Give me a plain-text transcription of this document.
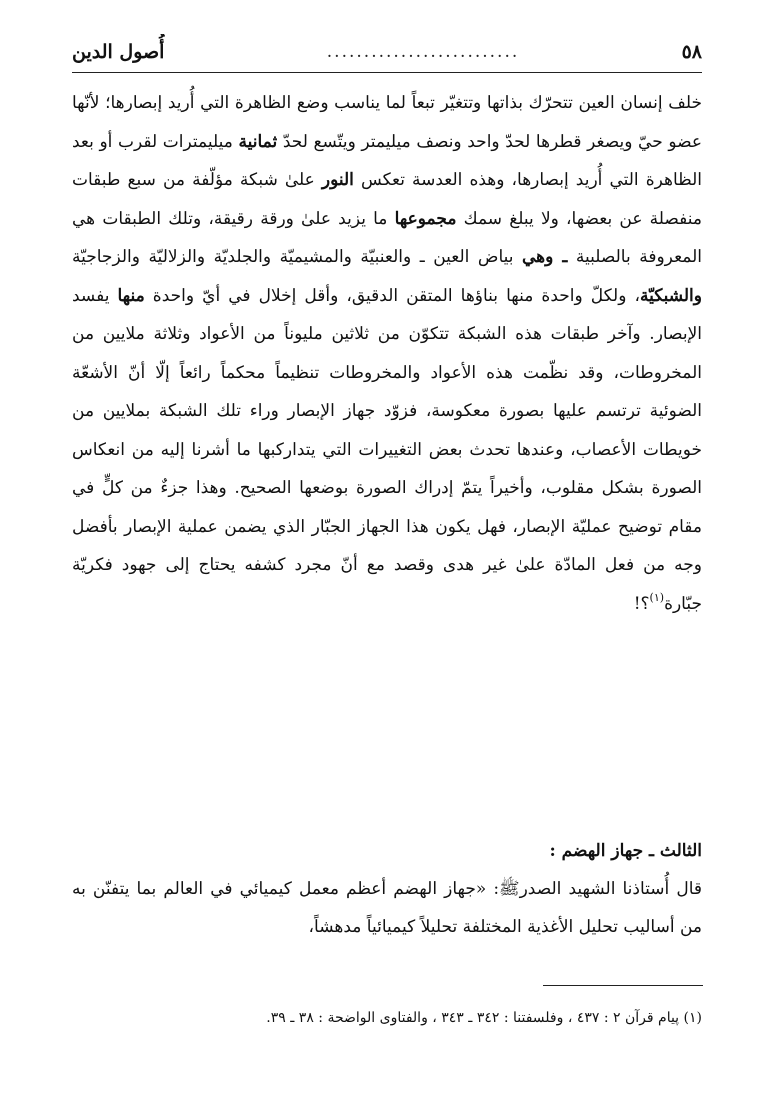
٥٨
..........................
أُصول الدين

خلف إنسان العين تتحرّك بذاتها وتتغيّر تبعاً لما يناسب وضع الظاهرة التي أُريد إبصارها؛ لأنّها عضو حيّ ويصغر قطرها لحدّ واحد ونصف ميليمتر ويتّسع لحدّ ثمانية ميليمترات لقرب أو بعد الظاهرة التي أُريد إبصارها، وهذه العدسة تعكس النور علىٰ شبكة مؤلّفة من سبع طبقات منفصلة عن بعضها، ولا يبلغ سمك مجموعها ما يزيد علىٰ ورقة رقيقة، وتلك الطبقات هي المعروفة بالصلبية ـ وهي بياض العين ـ والعنبيّة والمشيميّة والجلديّة والزلاليّة والزجاجيّة والشبكيّة، ولكلّ واحدة منها بناؤها المتقن الدقيق، وأقل إخلال في أيّ واحدة منها يفسد الإبصار. وآخر طبقات هذه الشبكة تتكوّن من ثلاثين مليوناً من الأعواد وثلاثة ملايين من المخروطات، وقد نظّمت هذه الأعواد والمخروطات تنظيماً محكماً رائعاً إلّا أنّ الأشعّة الضوئية ترتسم عليها بصورة معكوسة، فزوّد جهاز الإبصار وراء تلك الشبكة بملايين من خويطات الأعصاب، وعندها تحدث بعض التغييرات التي يتداركبها ما أشرنا إليه من انعكاس الصورة بشكل مقلوب، وأخيراً يتمّ إدراك الصورة بوضعها الصحيح. وهذا جزءٌ من كلٍّ في مقام توضيح عمليّة الإبصار، فهل يكون هذا الجهاز الجبّار الذي يضمن عملية الإبصار بأفضل وجه من فعل المادّة علىٰ غير هدى وقصد مع أنّ مجرد كشفه يحتاج إلى جهود فكريّة جبّارة$^{(١)}$؟!

الثالث ـ جهاز الهضم :

قال أُستاذنا الشهيد الصدرﷺ: «جهاز الهضم أعظم معمل كيميائي في العالم بما يتفنّن به من أساليب تحليل الأغذية المختلفة تحليلاً كيميائياً مدهشاً،

(١) پيام قرآن ٢ : ٤٣٧ ، وفلسفتنا : ٣٤٢ ـ ٣٤٣ ، والفتاوى الواضحة : ٣٨ ـ ٣٩.
